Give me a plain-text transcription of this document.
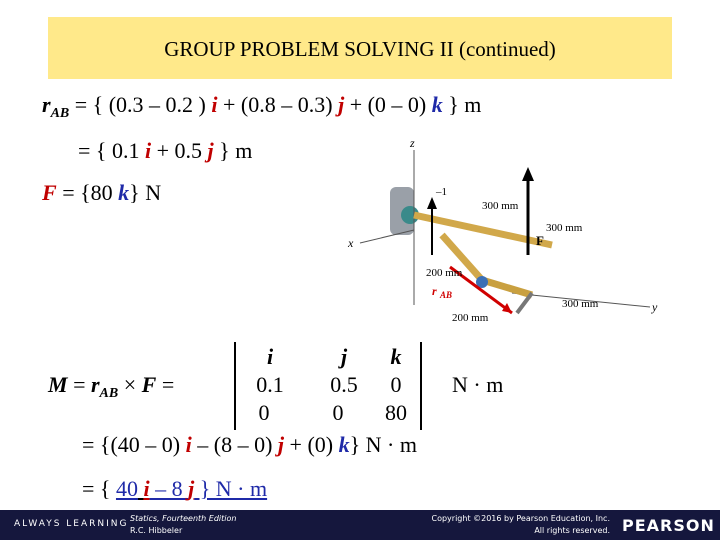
GROUP PROBLEM SOLVING II (continued)
$r_{AB}$ = { (0.3 – 0.2 ) i + (0.8 – 0.3) j + (0 – 0) k } m
= { 0.1 i + 0.5 j } m
F = {80 k} N
z
x
y
F
–1
300 mm
300 mm
200 mm
300 mm
200 mm
r AB
$M = r_{AB} \times F$ =
i	j	k
0.1	0.5	0
0	0	80
N · m
= {(40 – 0) i – (8 – 0) j + (0) k} N · m
= { 40 i – 8 j } N · m
ALWAYS LEARNING
Statics, Fourteenth Edition
R.C. Hibbeler
Copyright ©2016 by Pearson Education, Inc.
All rights reserved. PEARSON
